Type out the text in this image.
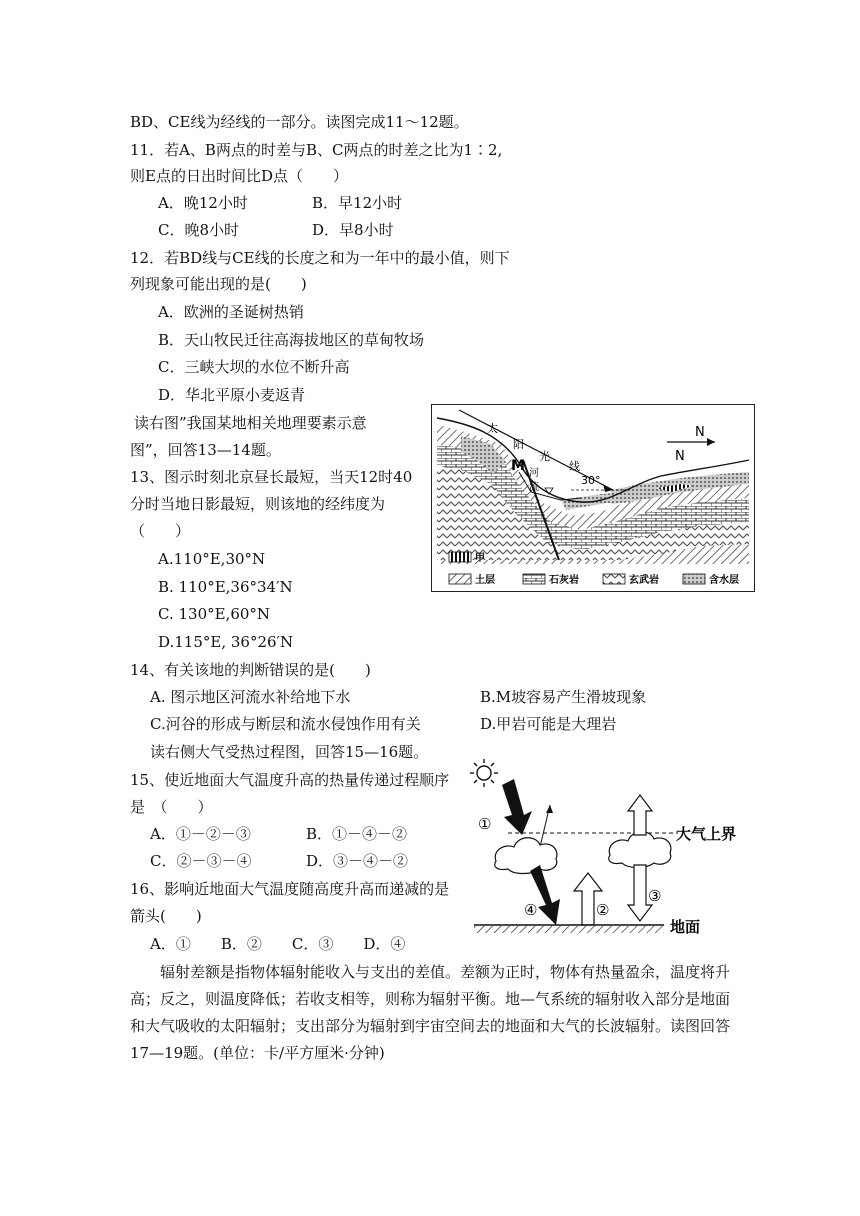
BD、CE线为经线的一部分。读图完成11～12题。
11．若A、B两点的时差与B、C两点的时差之比为1∶2,
则E点的日出时间比D点（　　）
A．晚12小时	B．早12小时
C．晚8小时	D．早8小时
12．若BD线与CE线的长度之和为一年中的最小值，则下
列现象可能出现的是(　　)
A．欧洲的圣诞树热销
B．天山牧民迁往高海拔地区的草甸牧场
C．三峡大坝的水位不断升高
D．华北平原小麦返青
读右图”我国某地相关地理要素示意
图”，回答13—14题。
13、图示时刻北京昼长最短，当天12时40
分时当地日影最短，则该地的经纬度为
（　　）
A.110°E,30°N
B. 110°E,36°34′N
C. 130°E,60°N
D.115°E, 36°26′N
14、有关该地的判断错误的是(　　)
A. 图示地区河流水补给地下水	B.M坡容易产生滑坡现象
C.河谷的形成与断层和流水侵蚀作用有关	D.甲岩可能是大理岩
读右侧大气受热过程图，回答15—16题。
15、使近地面大气温度升高的热量传递过程顺序
是　（　　）
A．①－②－③	B．①－④－②
C．②－③－④	D．③－④－②
16、影响近地面大气温度随高度升高而递减的是
箭头(　　)
A．①　　B．②　　C．③　　D．④
辐射差额是指物体辐射能收入与支出的差值。差额为正时，物体有热量盈余，温度将升
高；反之，则温度降低；若收支相等，则称为辐射平衡。地—气系统的辐射收入部分是地面
和大气吸收的太阳辐射；支出部分为辐射到宇宙空间去的地面和大气的长波辐射。读图回答
17—19题。(单位：卡/平方厘米·分钟)
太
阳
光
线
30°
M 河
流
N
N
甲
土层	石灰岩	玄武岩	含水层
大气上界
①
④	②
③
地面
